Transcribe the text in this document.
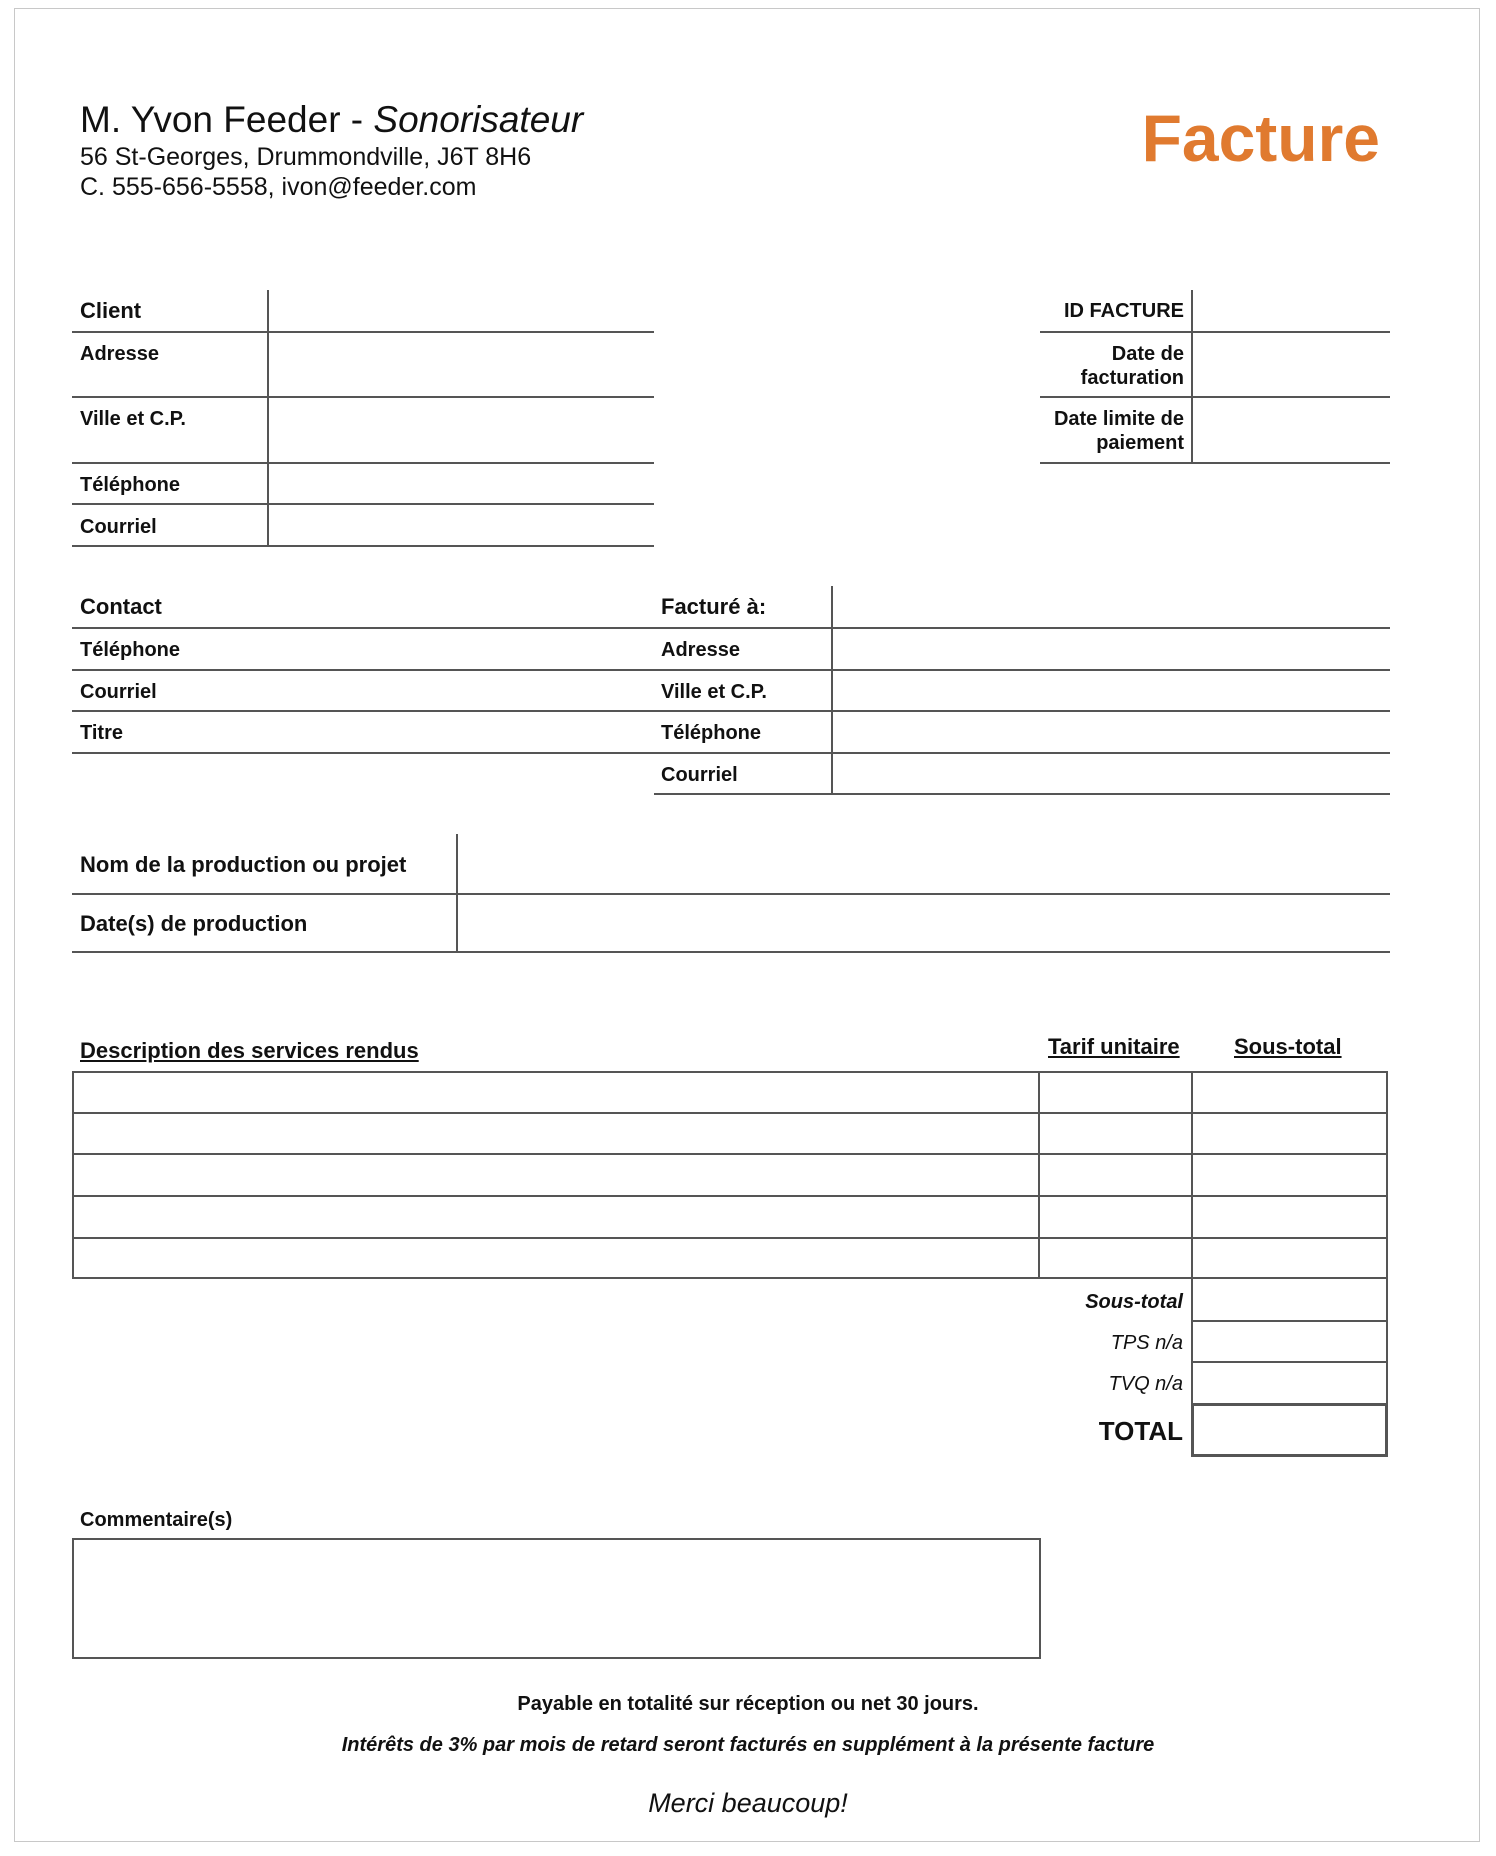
M. Yvon Feeder - Sonorisateur
56 St-Georges, Drummondville, J6T 8H6
C. 555-656-5558, ivon@feeder.com
Facture
Client
Adresse
Ville et C.P.
Téléphone
Courriel
ID FACTURE
Date de
facturation
Date limite de
paiement
Contact
Téléphone
Courriel
Titre
Facturé à:
Adresse
Ville et C.P.
Téléphone
Courriel
Nom de la production ou projet
Date(s) de production
Description des services rendus	Tarif unitaire Sous-total
Sous-total
TPS n/a
TVQ n/a
TOTAL
Commentaire(s)
Payable en totalité sur réception ou net 30 jours.
Intérêts de 3% par mois de retard seront facturés en supplément à la présente facture
Merci beaucoup!
